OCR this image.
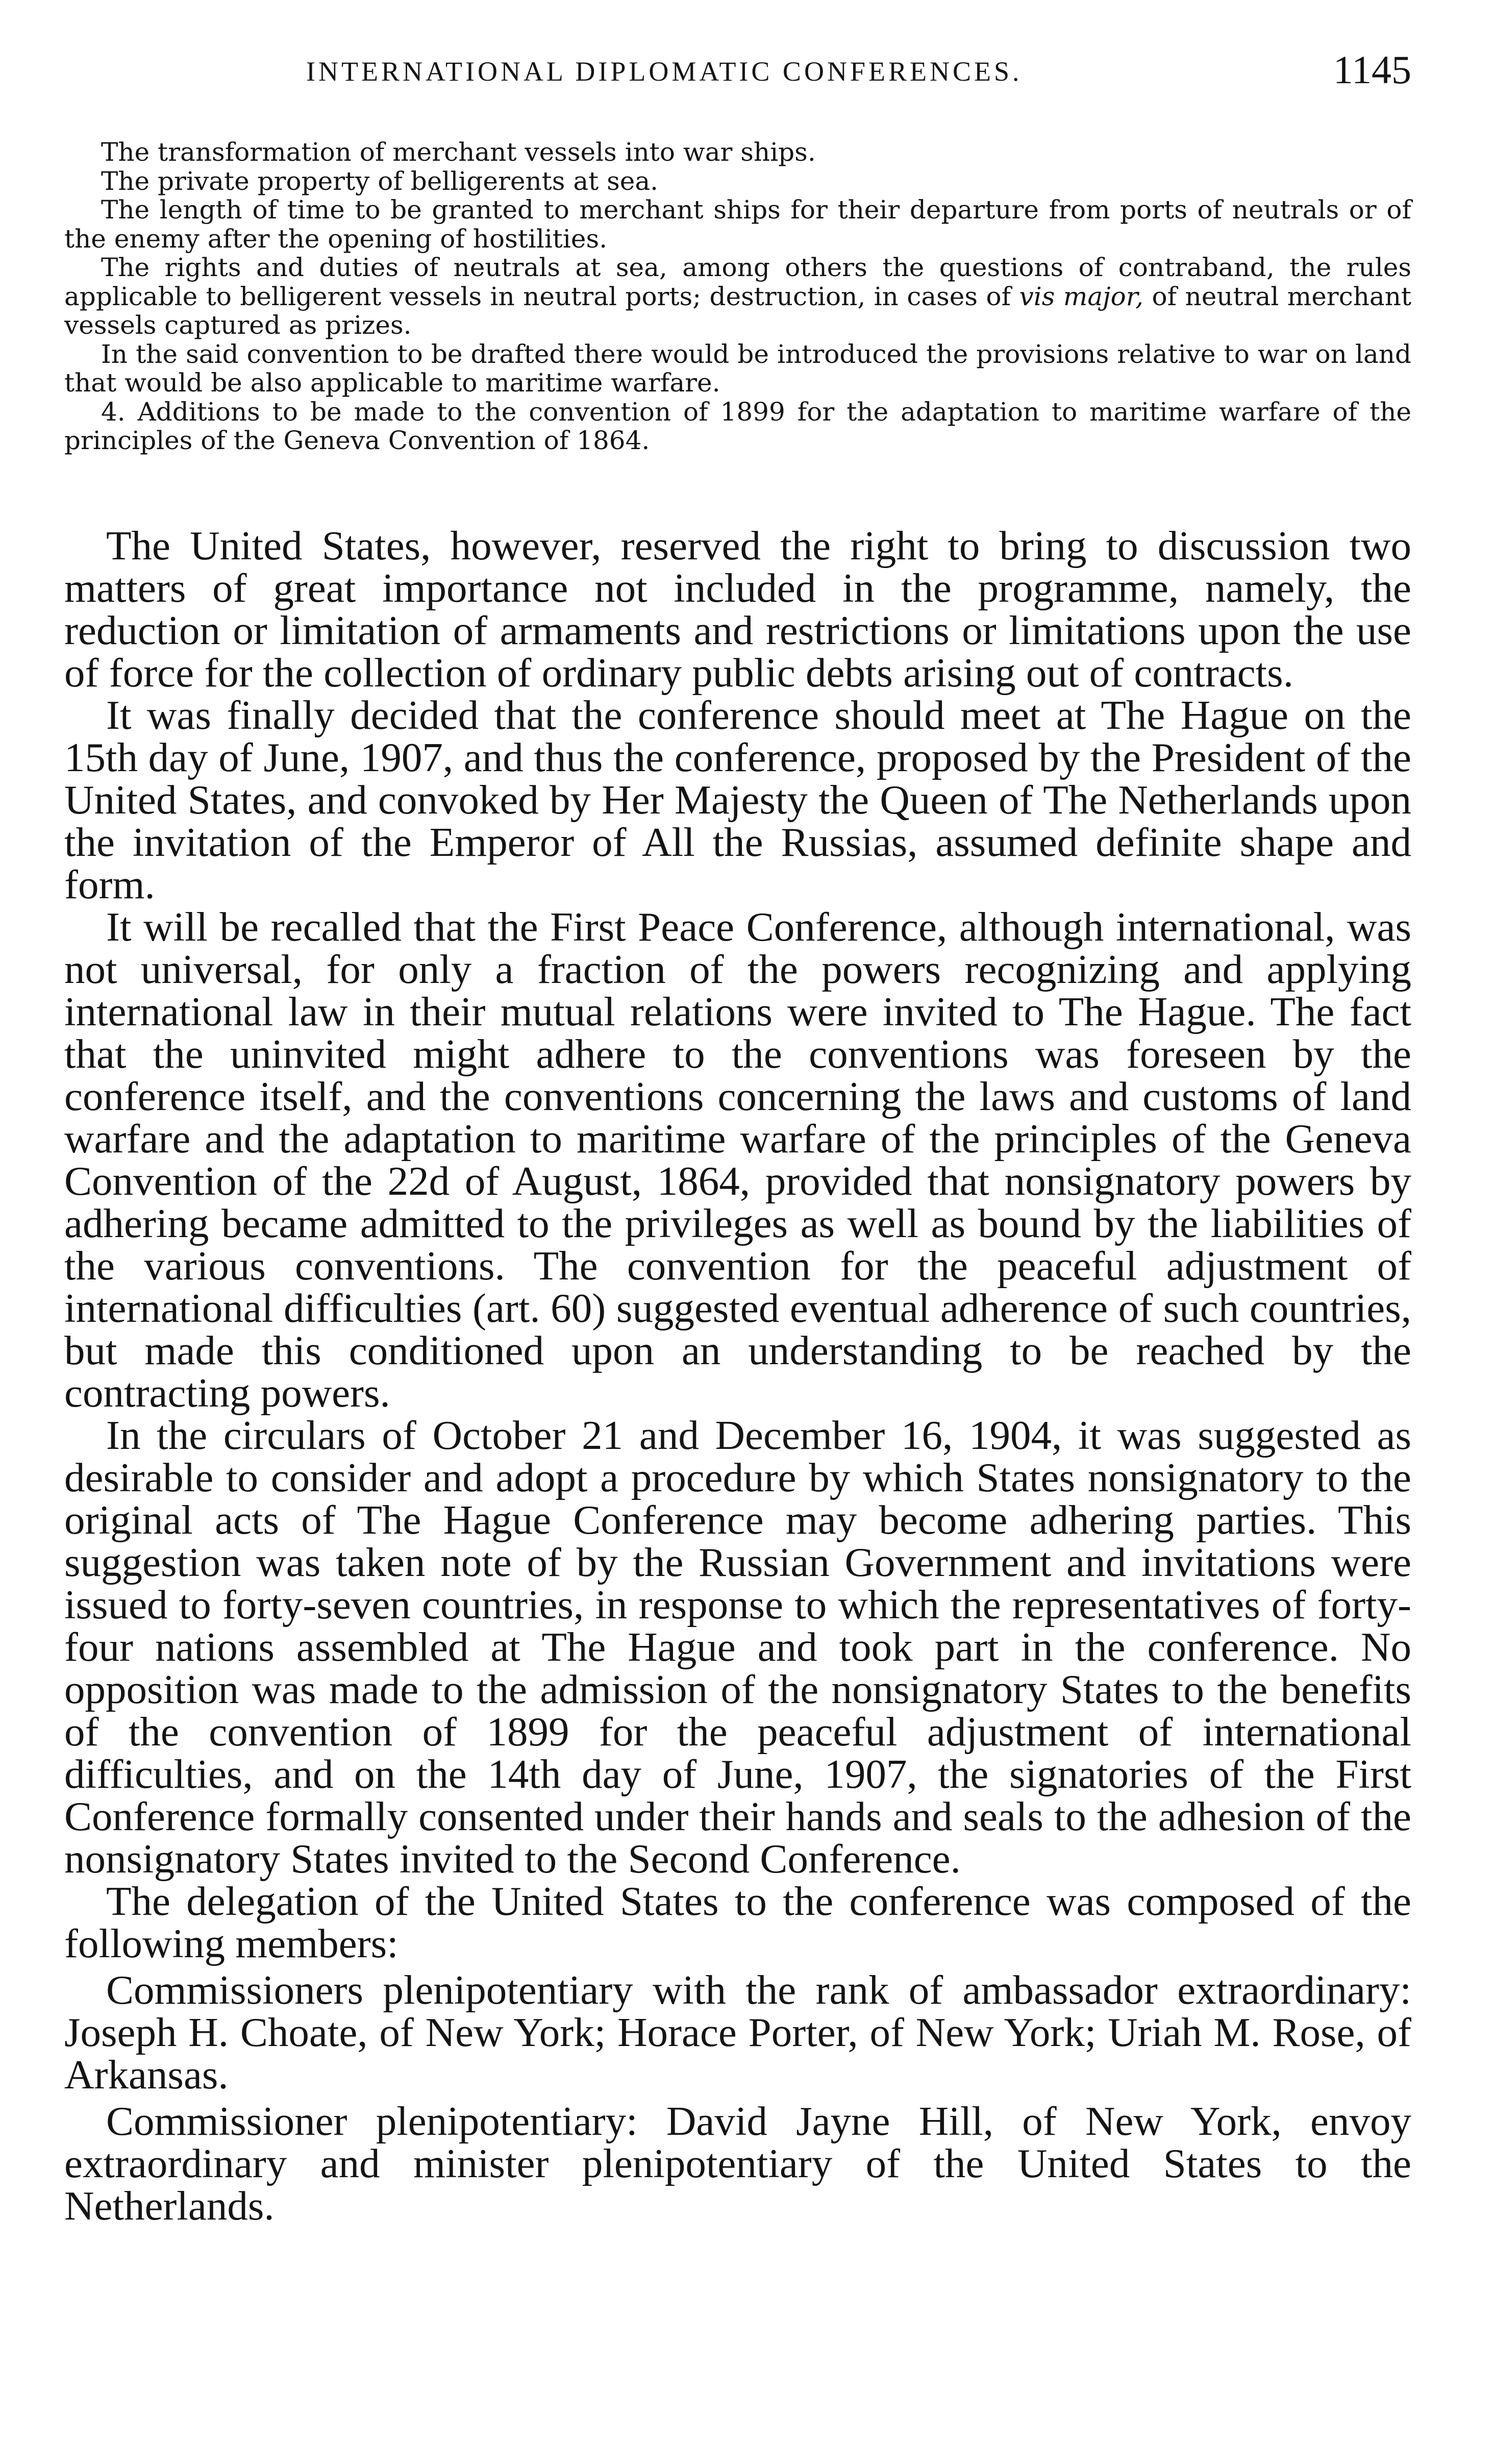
INTERNATIONAL DIPLOMATIC CONFERENCES.	1145

The transformation of merchant vessels into war ships.

The private property of belligerents at sea.

The length of time to be granted to merchant ships for their departure from ports of neutrals or of the enemy after the opening of hostilities.

The rights and duties of neutrals at sea, among others the questions of contraband, the rules applicable to belligerent vessels in neutral ports; destruction, in cases of vis major, of neutral merchant vessels captured as prizes.

In the said convention to be drafted there would be introduced the provisions relative to war on land that would be also applicable to maritime warfare.

4. Additions to be made to the convention of 1899 for the adaptation to maritime warfare of the principles of the Geneva Convention of 1864.

The United States, however, reserved the right to bring to discussion two matters of great importance not included in the programme, namely, the reduction or limitation of armaments and restrictions or limitations upon the use of force for the collection of ordinary public debts arising out of contracts.

It was finally decided that the conference should meet at The Hague on the 15th day of June, 1907, and thus the conference, proposed by the President of the United States, and convoked by Her Majesty the Queen of The Netherlands upon the invitation of the Emperor of All the Russias, assumed definite shape and form.

It will be recalled that the First Peace Conference, although international, was not universal, for only a fraction of the powers recognizing and applying international law in their mutual relations were invited to The Hague. The fact that the uninvited might adhere to the conventions was foreseen by the conference itself, and the conventions concerning the laws and customs of land warfare and the adaptation to maritime warfare of the principles of the Geneva Convention of the 22d of August, 1864, provided that nonsignatory powers by adhering became admitted to the privileges as well as bound by the liabilities of the various conventions. The convention for the peaceful adjustment of international difficulties (art. 60) suggested eventual adherence of such countries, but made this conditioned upon an understanding to be reached by the contracting powers.

In the circulars of October 21 and December 16, 1904, it was suggested as desirable to consider and adopt a procedure by which States nonsignatory to the original acts of The Hague Conference may become adhering parties. This suggestion was taken note of by the Russian Government and invitations were issued to forty-seven countries, in response to which the representatives of forty-four nations assembled at The Hague and took part in the conference. No opposition was made to the admission of the nonsignatory States to the benefits of the convention of 1899 for the peaceful adjustment of international difficulties, and on the 14th day of June, 1907, the signatories of the First Conference formally consented under their hands and seals to the adhesion of the nonsignatory States invited to the Second Conference.

The delegation of the United States to the conference was composed of the following members:

Commissioners plenipotentiary with the rank of ambassador extraordinary: Joseph H. Choate, of New York; Horace Porter, of New York; Uriah M. Rose, of Arkansas.

Commissioner plenipotentiary: David Jayne Hill, of New York, envoy extraordinary and minister plenipotentiary of the United States to the Netherlands.
